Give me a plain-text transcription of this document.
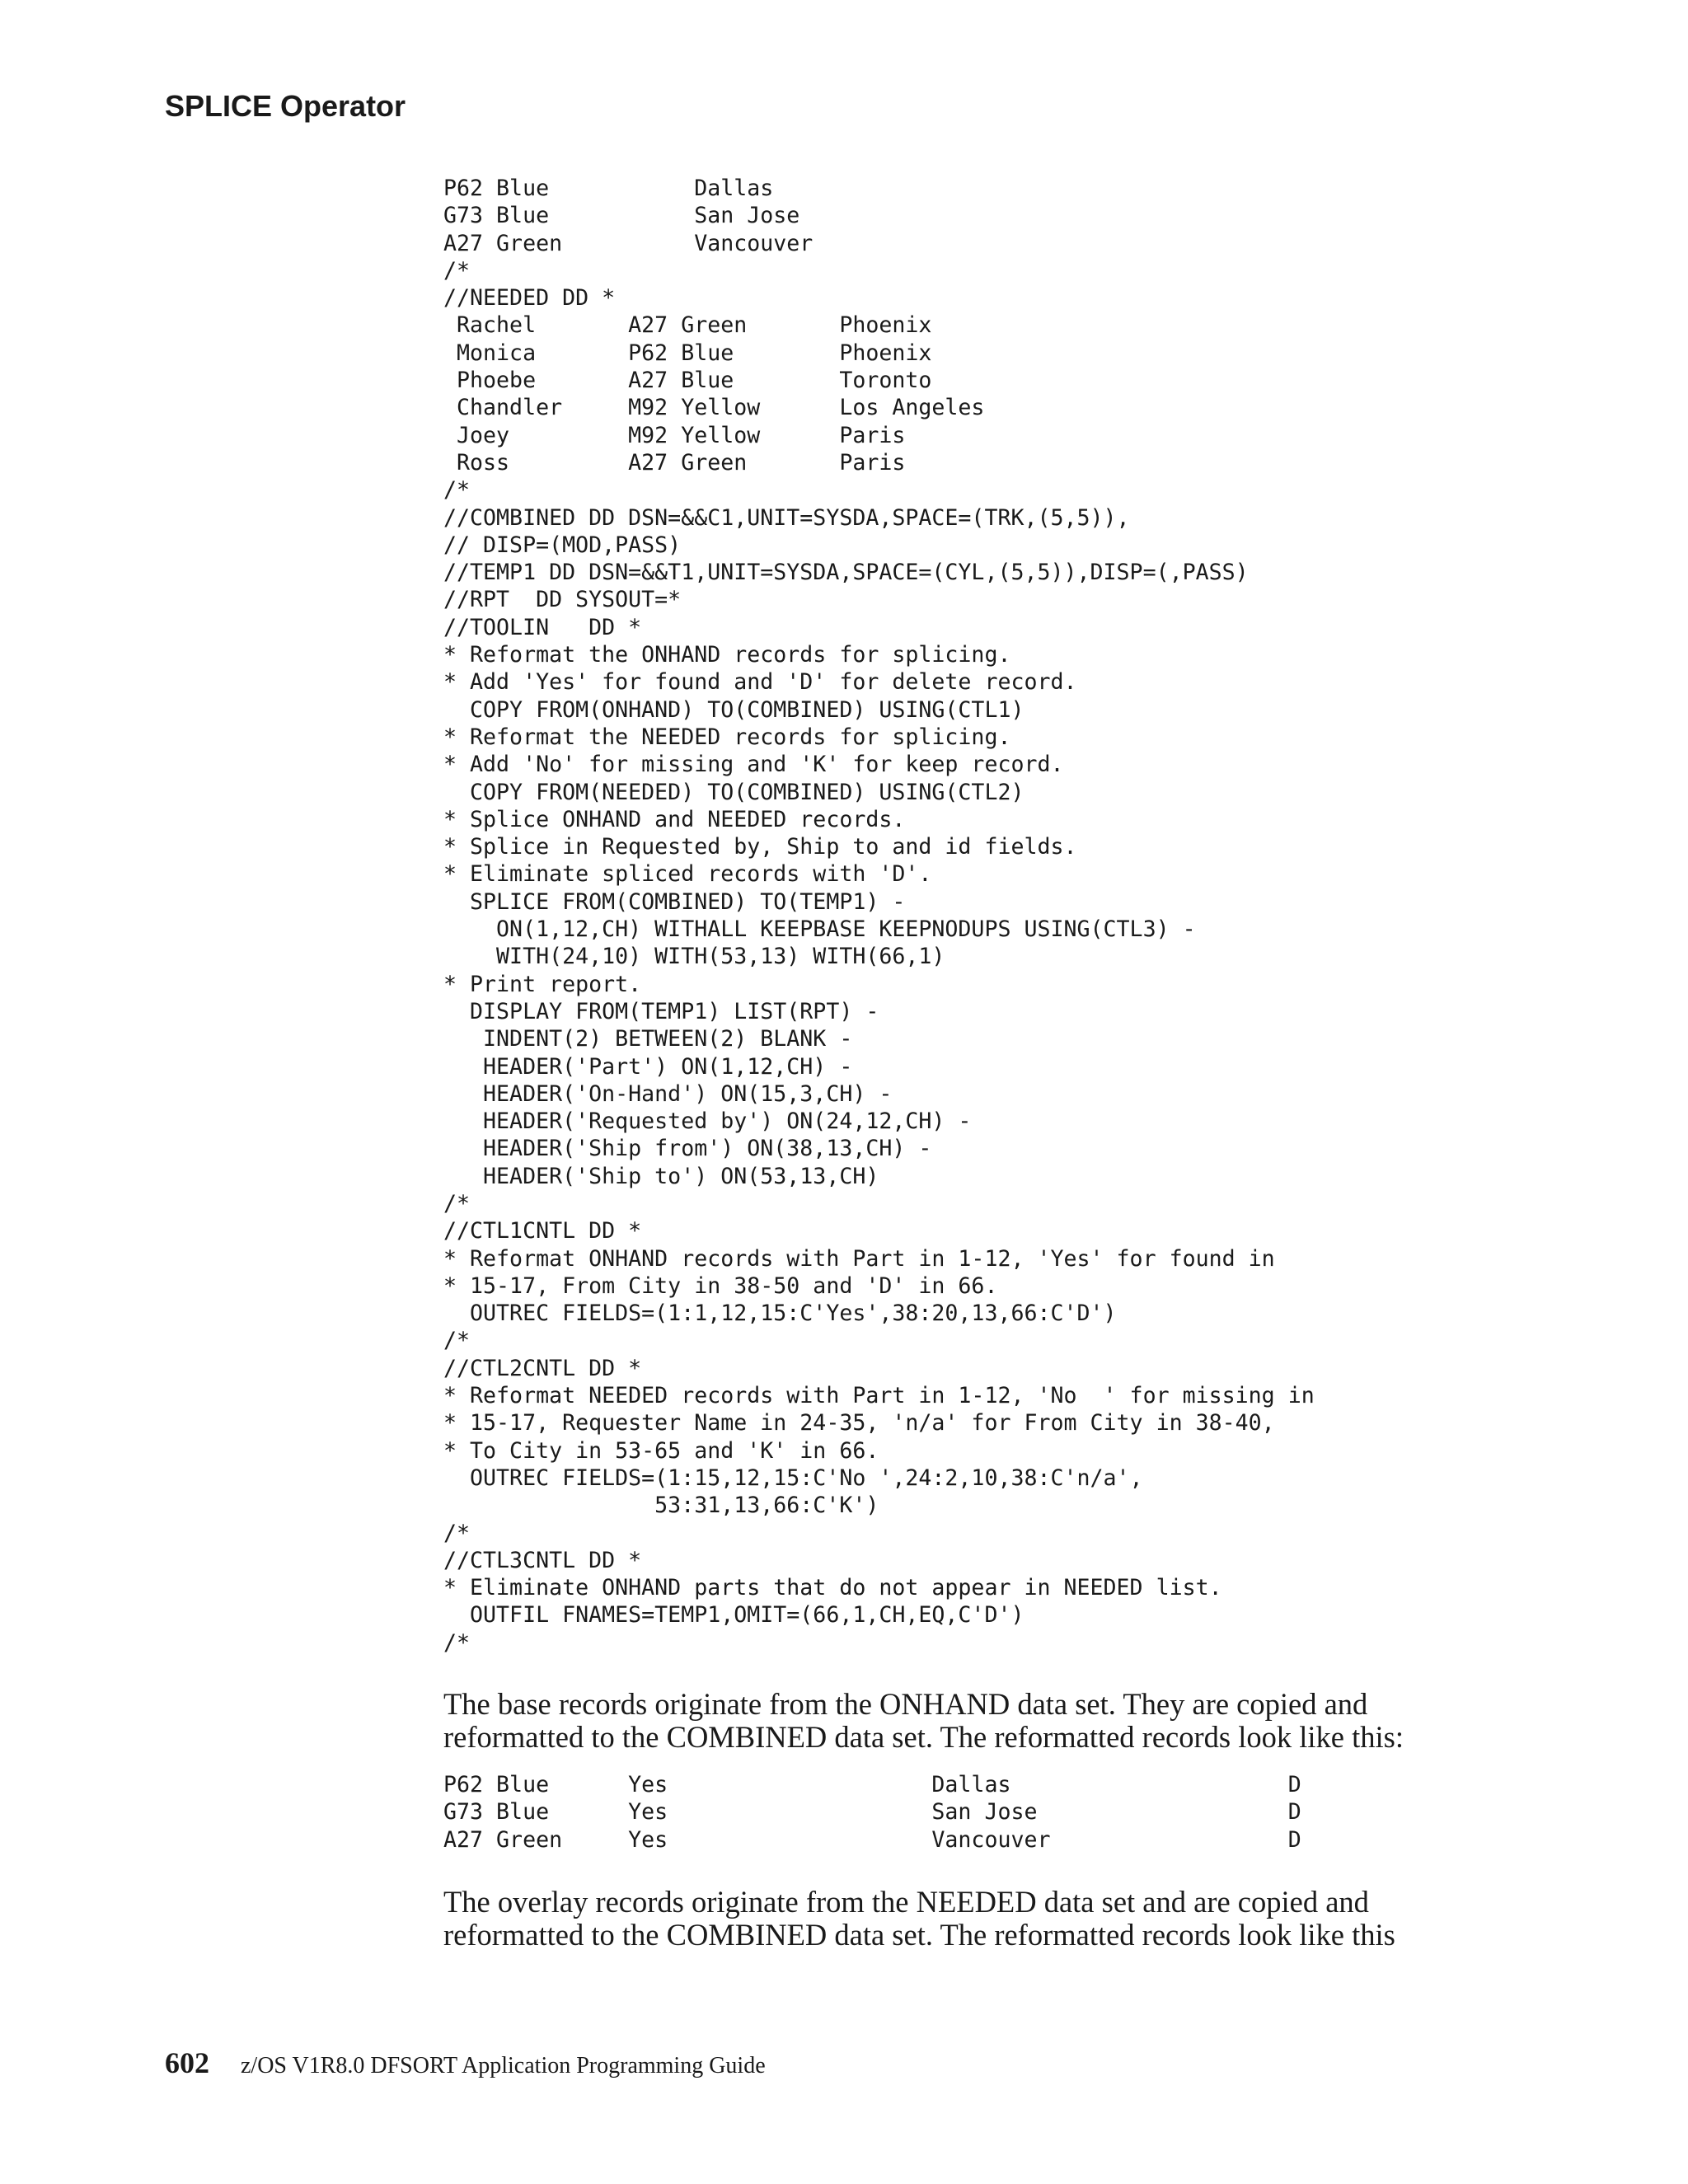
SPLICE Operator
P62 Blue           Dallas
G73 Blue           San Jose
A27 Green          Vancouver
/*
//NEEDED DD *
Rachel       A27 Green       Phoenix
Monica       P62 Blue        Phoenix
Phoebe       A27 Blue        Toronto
Chandler     M92 Yellow      Los Angeles
Joey         M92 Yellow      Paris
Ross         A27 Green       Paris
/*
//COMBINED DD DSN=&&C1,UNIT=SYSDA,SPACE=(TRK,(5,5)),
// DISP=(MOD,PASS)
//TEMP1 DD DSN=&&T1,UNIT=SYSDA,SPACE=(CYL,(5,5)),DISP=(,PASS)
//RPT  DD SYSOUT=*
//TOOLIN   DD *
* Reformat the ONHAND records for splicing.
* Add 'Yes' for found and 'D' for delete record.
COPY FROM(ONHAND) TO(COMBINED) USING(CTL1)
* Reformat the NEEDED records for splicing.
* Add 'No' for missing and 'K' for keep record.
COPY FROM(NEEDED) TO(COMBINED) USING(CTL2)
* Splice ONHAND and NEEDED records.
* Splice in Requested by, Ship to and id fields.
* Eliminate spliced records with 'D'.
SPLICE FROM(COMBINED) TO(TEMP1) -
ON(1,12,CH) WITHALL KEEPBASE KEEPNODUPS USING(CTL3) -
WITH(24,10) WITH(53,13) WITH(66,1)
* Print report.
DISPLAY FROM(TEMP1) LIST(RPT) -
INDENT(2) BETWEEN(2) BLANK -
HEADER('Part') ON(1,12,CH) -
HEADER('On-Hand') ON(15,3,CH) -
HEADER('Requested by') ON(24,12,CH) -
HEADER('Ship from') ON(38,13,CH) -
HEADER('Ship to') ON(53,13,CH)
/*
//CTL1CNTL DD *
* Reformat ONHAND records with Part in 1-12, 'Yes' for found in
* 15-17, From City in 38-50 and 'D' in 66.
OUTREC FIELDS=(1:1,12,15:C'Yes',38:20,13,66:C'D')
/*
//CTL2CNTL DD *
* Reformat NEEDED records with Part in 1-12, 'No  ' for missing in
* 15-17, Requester Name in 24-35, 'n/a' for From City in 38-40,
* To City in 53-65 and 'K' in 66.
OUTREC FIELDS=(1:15,12,15:C'No ',24:2,10,38:C'n/a',
53:31,13,66:C'K')
/*
//CTL3CNTL DD *
* Eliminate ONHAND parts that do not appear in NEEDED list.
OUTFIL FNAMES=TEMP1,OMIT=(66,1,CH,EQ,C'D')
/*

The base records originate from the ONHAND data set. They are copied and reformatted to the COMBINED data set. The reformatted records look like this:

P62 Blue      Yes                    Dallas                     D
G73 Blue      Yes                    San Jose                   D
A27 Green     Yes                    Vancouver                  D

The overlay records originate from the NEEDED data set and are copied and reformatted to the COMBINED data set. The reformatted records look like this

602 z/OS V1R8.0 DFSORT Application Programming Guide
